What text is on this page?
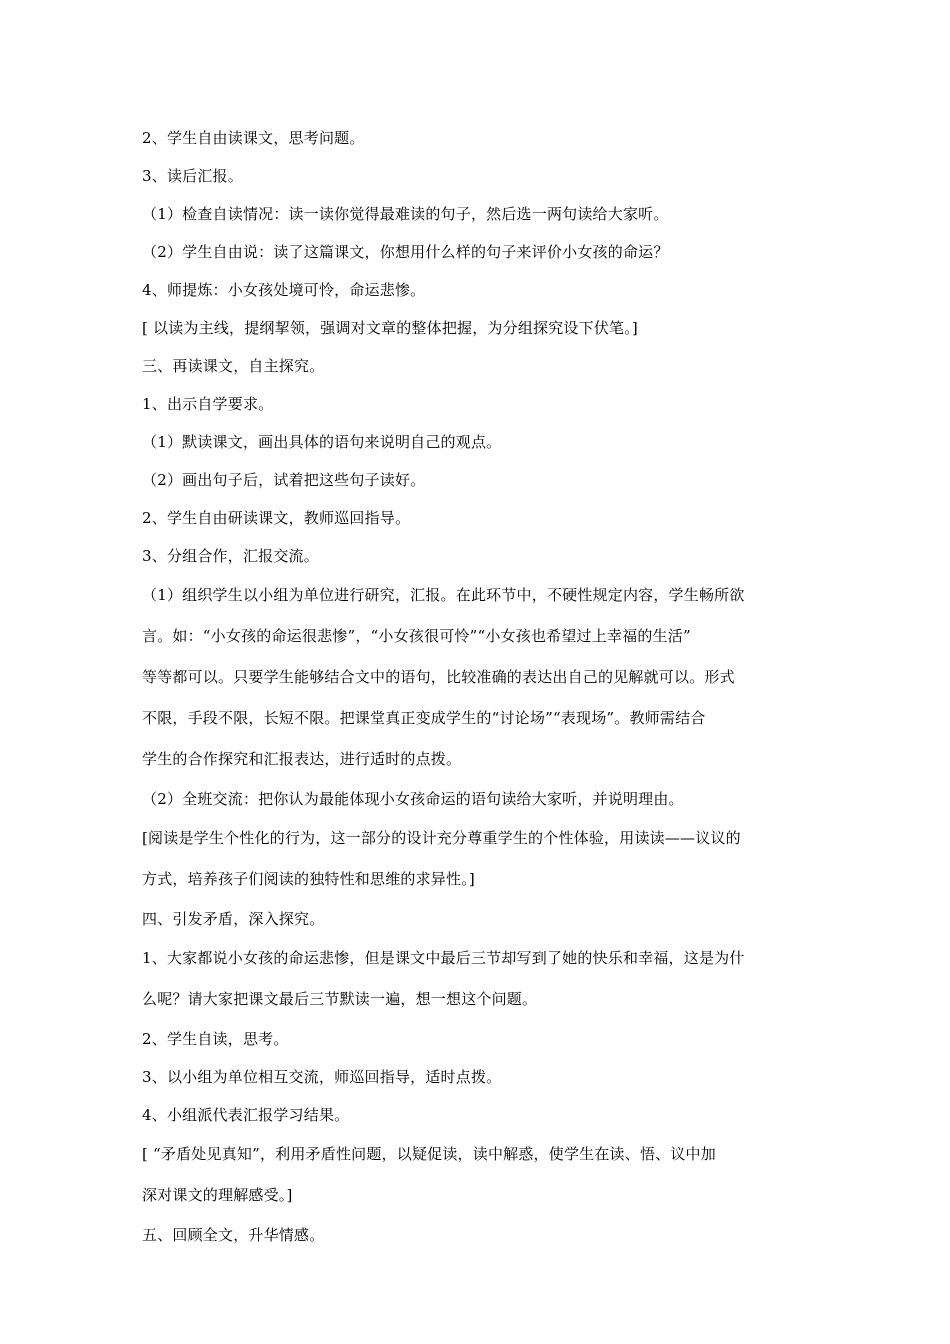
2、学生自由读课文，思考问题。
3、读后汇报。
（1）检查自读情况：读一读你觉得最难读的句子，然后选一两句读给大家听。
（2）学生自由说：读了这篇课文，你想用什么样的句子来评价小女孩的命运？
4、师提炼：小女孩处境可怜，命运悲惨。
[ 以读为主线，提纲挈领，强调对文章的整体把握，为分组探究设下伏笔。]
三、再读课文，自主探究。
1、出示自学要求。
（1）默读课文，画出具体的语句来说明自己的观点。
（2）画出句子后，试着把这些句子读好。
2、学生自由研读课文，教师巡回指导。
3、分组合作，汇报交流。
（1）组织学生以小组为单位进行研究，汇报。在此环节中，不硬性规定内容，学生畅所欲
言。如：“小女孩的命运很悲惨”，“小女孩很可怜”“小女孩也希望过上幸福的生活”
等等都可以。只要学生能够结合文中的语句，比较准确的表达出自己的见解就可以。形式
不限，手段不限，长短不限。把课堂真正变成学生的“讨论场”“表现场”。教师需结合
学生的合作探究和汇报表达，进行适时的点拨。
（2）全班交流：把你认为最能体现小女孩命运的语句读给大家听，并说明理由。
[阅读是学生个性化的行为，这一部分的设计充分尊重学生的个性体验，用读读——议议的
方式，培养孩子们阅读的独特性和思维的求异性。]
四、引发矛盾，深入探究。
1、大家都说小女孩的命运悲惨，但是课文中最后三节却写到了她的快乐和幸福，这是为什
么呢？请大家把课文最后三节默读一遍，想一想这个问题。
2、学生自读，思考。
3、以小组为单位相互交流，师巡回指导，适时点拨。
4、小组派代表汇报学习结果。
[ “矛盾处见真知”，利用矛盾性问题，以疑促读，读中解惑，使学生在读、悟、议中加
深对课文的理解感受。]
五、回顾全文，升华情感。
